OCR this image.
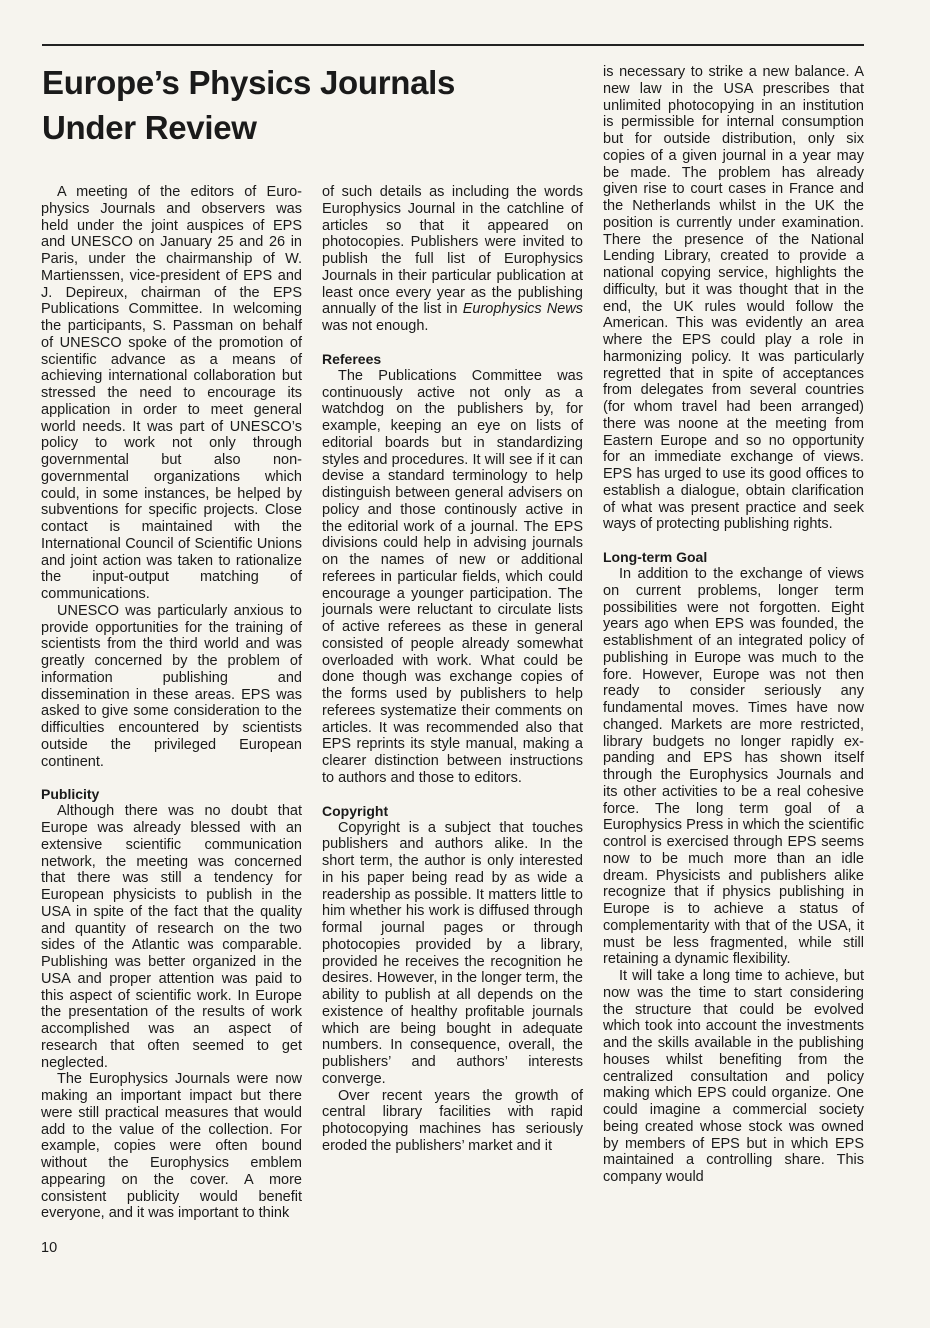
Europe’s Physics Journals
Under Review

A meeting of the editors of Europhysics Journals and observers was held under the joint auspices of EPS and UNESCO on January 25 and 26 in Paris, under the chairmanship of W. Martienssen, vice-president of EPS and J. Depireux, chairman of the EPS Publications Committee. In welcoming the participants, S. Passman on behalf of UNESCO spoke of the promotion of scientific advance as a means of achieving international collaboration but stressed the need to encourage its application in order to meet general world needs. It was part of UNESCO’s policy to work not only through governmental but also non-governmental organizations which could, in some instances, be helped by subventions for specific projects. Close contact is maintained with the International Council of Scientific Unions and joint action was taken to rationalize the input-output matching of communications.

UNESCO was particularly anxious to provide opportunities for the training of scientists from the third world and was greatly concerned by the problem of information publishing and dissemination in these areas. EPS was asked to give some consideration to the difficulties encountered by scientists outside the privileged European continent.

Publicity

Although there was no doubt that Europe was already blessed with an extensive scientific communication network, the meeting was concerned that there was still a tendency for European physicists to publish in the USA in spite of the fact that the quality and quantity of research on the two sides of the Atlantic was comparable. Publishing was better organized in the USA and proper attention was paid to this aspect of scientific work. In Europe the presentation of the results of work accomplished was an aspect of research that often seemed to get neglected.

The Europhysics Journals were now making an important impact but there were still practical measures that would add to the value of the collection. For example, copies were often bound without the Europhysics emblem appearing on the cover. A more consistent publicity would benefit everyone, and it was important to think

of such details as including the words Europhysics Journal in the catchline of articles so that it appeared on photocopies. Publishers were invited to publish the full list of Europhysics Journals in their particular publication at least once every year as the publishing annually of the list in Europhysics News was not enough.

Referees

The Publications Committee was continuously active not only as a watchdog on the publishers by, for example, keeping an eye on lists of editorial boards but in standardizing styles and procedures. It will see if it can devise a standard terminology to help distinguish between general advisers on policy and those continously active in the editorial work of a journal. The EPS divisions could help in advising journals on the names of new or additional referees in particular fields, which could encourage a younger participation. The journals were reluctant to circulate lists of active referees as these in general consisted of people already somewhat overloaded with work. What could be done though was exchange copies of the forms used by publishers to help referees systematize their comments on articles. It was recommended also that EPS reprints its style manual, making a clearer distinction between instructions to authors and those to editors.

Copyright

Copyright is a subject that touches publishers and authors alike. In the short term, the author is only interested in his paper being read by as wide a readership as possible. It matters little to him whether his work is diffused through formal journal pages or through photocopies provided by a library, provided he receives the recognition he desires. However, in the longer term, the ability to publish at all depends on the existence of healthy profitable journals which are being bought in adequate numbers. In consequence, overall, the publishers’ and authors’ interests converge.

Over recent years the growth of central library facilities with rapid photocopying machines has seriously eroded the publishers’ market and it

is necessary to strike a new balance. A new law in the USA prescribes that unlimited photocopying in an institution is permissible for internal consumption but for outside distribution, only six copies of a given journal in a year may be made. The problem has already given rise to court cases in France and the Netherlands whilst in the UK the position is currently under examination. There the presence of the National Lending Library, created to provide a national copying service, highlights the difficulty, but it was thought that in the end, the UK rules would follow the American. This was evidently an area where the EPS could play a role in harmonizing policy. It was particularly regretted that in spite of acceptances from delegates from several countries (for whom travel had been arranged) there was noone at the meeting from Eastern Europe and so no opportunity for an immediate exchange of views. EPS has urged to use its good offices to establish a dialogue, obtain clarification of what was present practice and seek ways of protecting publishing rights.

Long-term Goal

In addition to the exchange of views on current problems, longer term possibilities were not forgotten. Eight years ago when EPS was founded, the establishment of an integrated policy of publishing in Europe was much to the fore. However, Europe was not then ready to consider seriously any fundamental moves. Times have now changed. Markets are more restricted, library budgets no longer rapidly expanding and EPS has shown itself through the Europhysics Journals and its other activities to be a real cohesive force. The long term goal of a Europhysics Press in which the scientific control is exercised through EPS seems now to be much more than an idle dream. Physicists and publishers alike recognize that if physics publishing in Europe is to achieve a status of complementarity with that of the USA, it must be less fragmented, while still retaining a dynamic flexibility.

It will take a long time to achieve, but now was the time to start considering the structure that could be evolved which took into account the investments and the skills available in the publishing houses whilst benefiting from the centralized consultation and policy making which EPS could organize. One could imagine a commercial society being created whose stock was owned by members of EPS but in which EPS maintained a controlling share. This company would

10
